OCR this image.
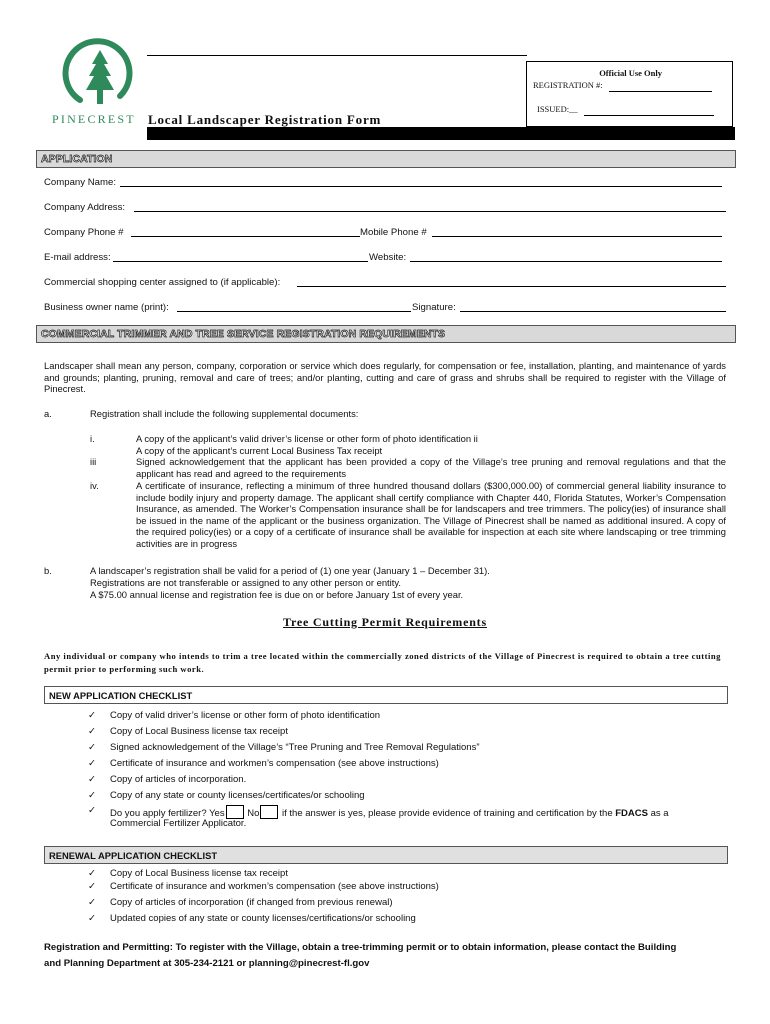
PINECREST Local Landscaper Registration Form
Official Use Only
REGISTRATION #:
ISSUED:__
APPLICATION
Company Name:
Company Address:
Company Phone #	Mobile Phone #
E-mail address:	Website:
Commercial shopping center assigned to (if applicable):
Business owner name (print):	Signature:
COMMERCIAL TRIMMER AND TREE SERVICE REGISTRATION REQUIREMENTS
Landscaper shall mean any person, company, corporation or service which does regularly, for compensation or fee, installation, planting, and maintenance of yards and grounds; planting, pruning, removal and care of trees; and/or planting, cutting and care of grass and shrubs shall be required to register with the Village of Pinecrest.
a.	Registration shall include the following supplemental documents:
i.	A copy of the applicant’s valid driver’s license or other form of photo identification ii
A copy of the applicant’s current Local Business Tax receipt
iii	Signed acknowledgement that the applicant has been provided a copy of the Village’s tree pruning and removal regulations and that the applicant has read and agreed to the requirements
iv.	A certificate of insurance, reflecting a minimum of three hundred thousand dollars ($300,000.00) of commercial general liability insurance to include bodily injury and property damage. The applicant shall certify compliance with Chapter 440, Florida Statutes, Worker’s Compensation Insurance, as amended. The Worker’s Compensation insurance shall be for landscapers and tree trimmers. The policy(ies) of insurance shall be issued in the name of the applicant or the business organization. The Village of Pinecrest shall be named as additional insured. A copy of the required policy(ies) or a copy of a certificate of insurance shall be available for inspection at each site where landscaping or tree trimming activities are in progress
b.	A landscaper’s registration shall be valid for a period of (1) one year (January 1 – December 31).
Registrations are not transferable or assigned to any other person or entity.
A $75.00 annual license and registration fee is due on or before January 1st of every year.
Tree Cutting Permit Requirements
Any individual or company who intends to trim a tree located within the commercially zoned districts of the Village of Pinecrest is required to obtain a tree cutting permit prior to performing such work.
NEW APPLICATION CHECKLIST
✓ Copy of valid driver’s license or other form of photo identification
✓ Copy of Local Business license tax receipt
✓ Signed acknowledgement of the Village’s “Tree Pruning and Tree Removal Regulations”
✓ Certificate of insurance and workmen’s compensation (see above instructions)
✓ Copy of articles of incorporation.
✓ Copy of any state or county licenses/certificates/or schooling
✓ Do you apply fertilizer? Yes No if the answer is yes, please provide evidence of training and certification by the FDACS as a
Commercial Fertilizer Applicator.
RENEWAL APPLICATION CHECKLIST
✓ Copy of Local Business license tax receipt
✓ Certificate of insurance and workmen’s compensation (see above instructions)
✓ Copy of articles of incorporation (if changed from previous renewal)
✓ Updated copies of any state or county licenses/certifications/or schooling
Registration and Permitting: To register with the Village, obtain a tree-trimming permit or to obtain information, please contact the Building
and Planning Department at 305-234-2121 or planning@pinecrest-fl.gov
